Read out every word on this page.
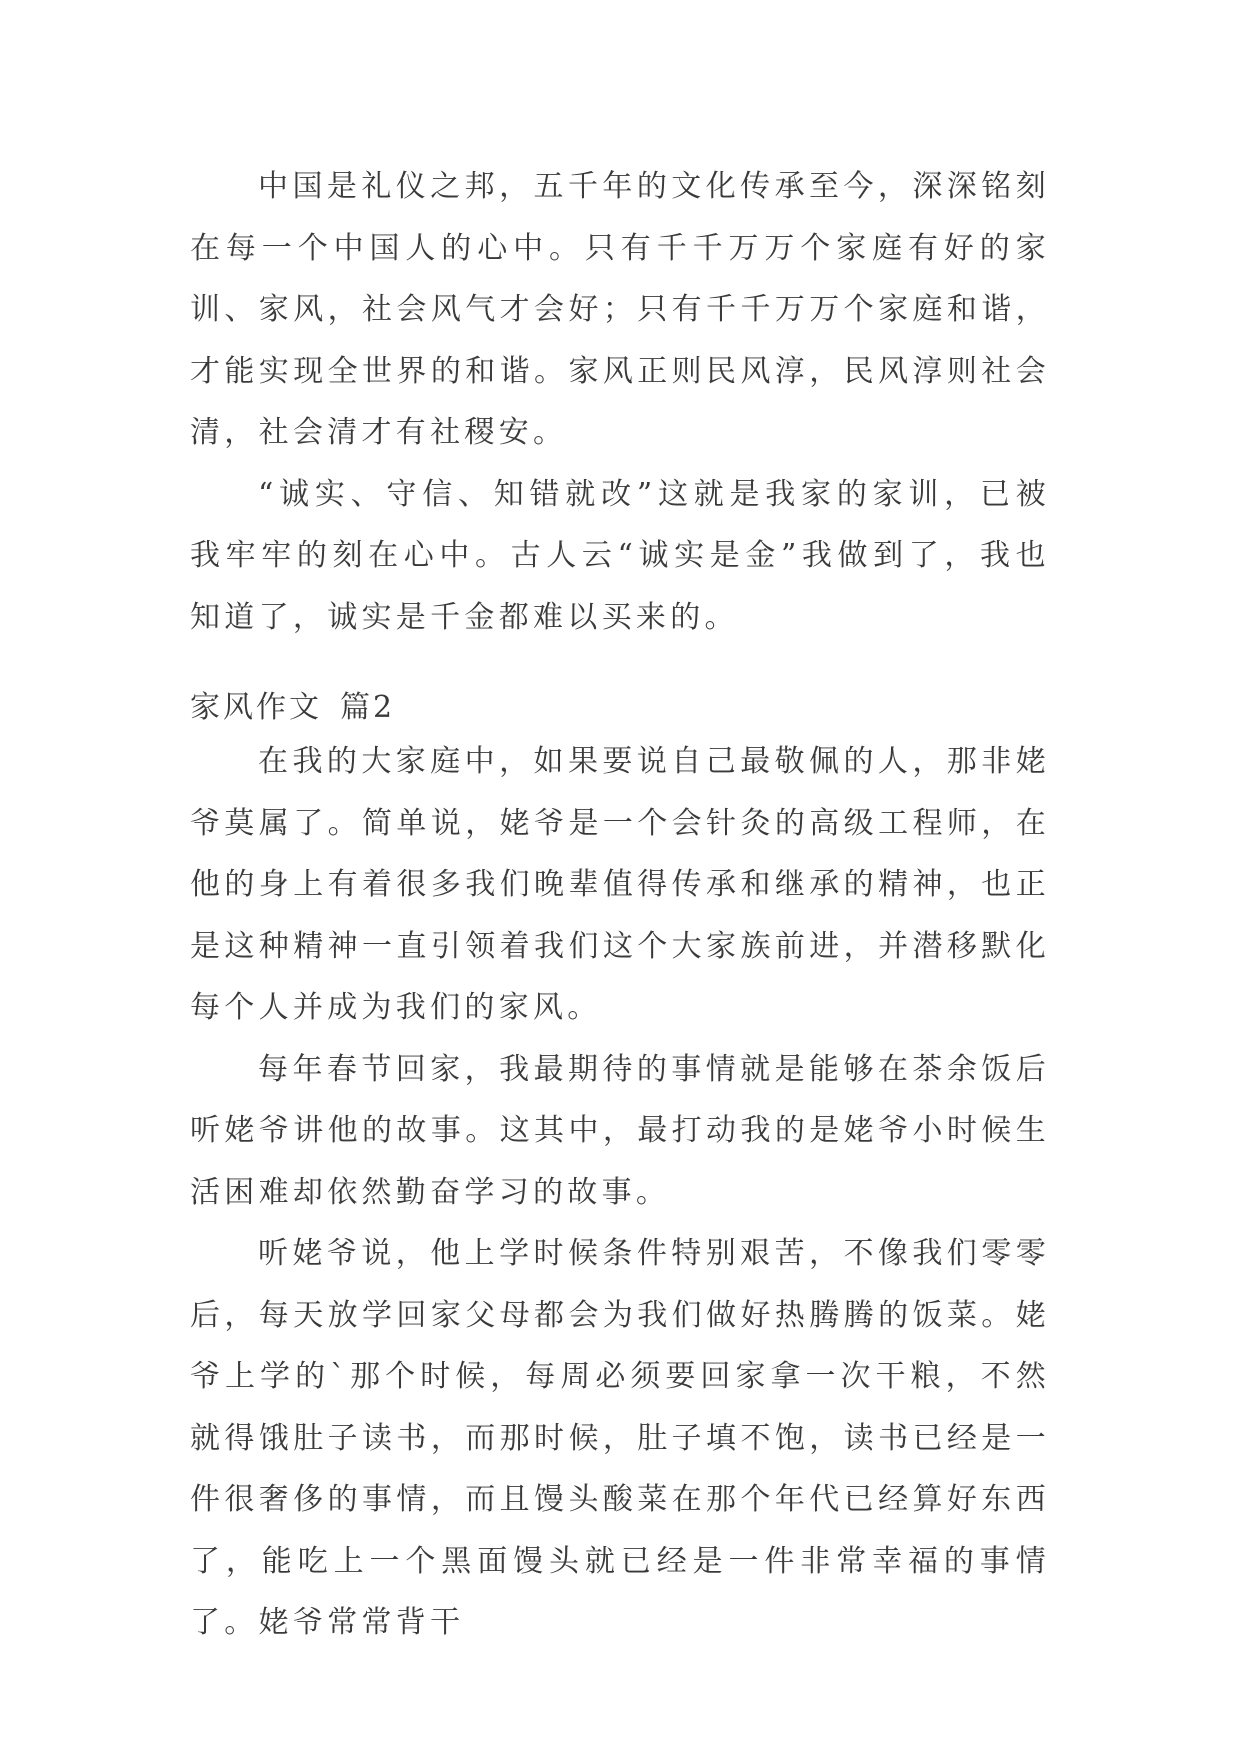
中国是礼仪之邦，五千年的文化传承至今，深深铭刻在每一个中国人的心中。只有千千万万个家庭有好的家训、家风，社会风气才会好；只有千千万万个家庭和谐，才能实现全世界的和谐。家风正则民风淳，民风淳则社会清，社会清才有社稷安。

“诚实、守信、知错就改”这就是我家的家训，已被我牢牢的刻在心中。古人云“诚实是金”我做到了，我也知道了，诚实是千金都难以买来的。

家风作文 篇2

在我的大家庭中，如果要说自己最敬佩的人，那非姥爷莫属了。简单说，姥爷是一个会针灸的高级工程师，在他的身上有着很多我们晚辈值得传承和继承的精神，也正是这种精神一直引领着我们这个大家族前进，并潜移默化每个人并成为我们的家风。

每年春节回家，我最期待的事情就是能够在茶余饭后听姥爷讲他的故事。这其中，最打动我的是姥爷小时候生活困难却依然勤奋学习的故事。

听姥爷说，他上学时候条件特别艰苦，不像我们零零后，每天放学回家父母都会为我们做好热腾腾的饭菜。姥爷上学的`那个时候，每周必须要回家拿一次干粮，不然就得饿肚子读书，而那时候，肚子填不饱，读书已经是一件很奢侈的事情，而且馒头酸菜在那个年代已经算好东西了，能吃上一个黑面馒头就已经是一件非常幸福的事情了。姥爷常常背干
